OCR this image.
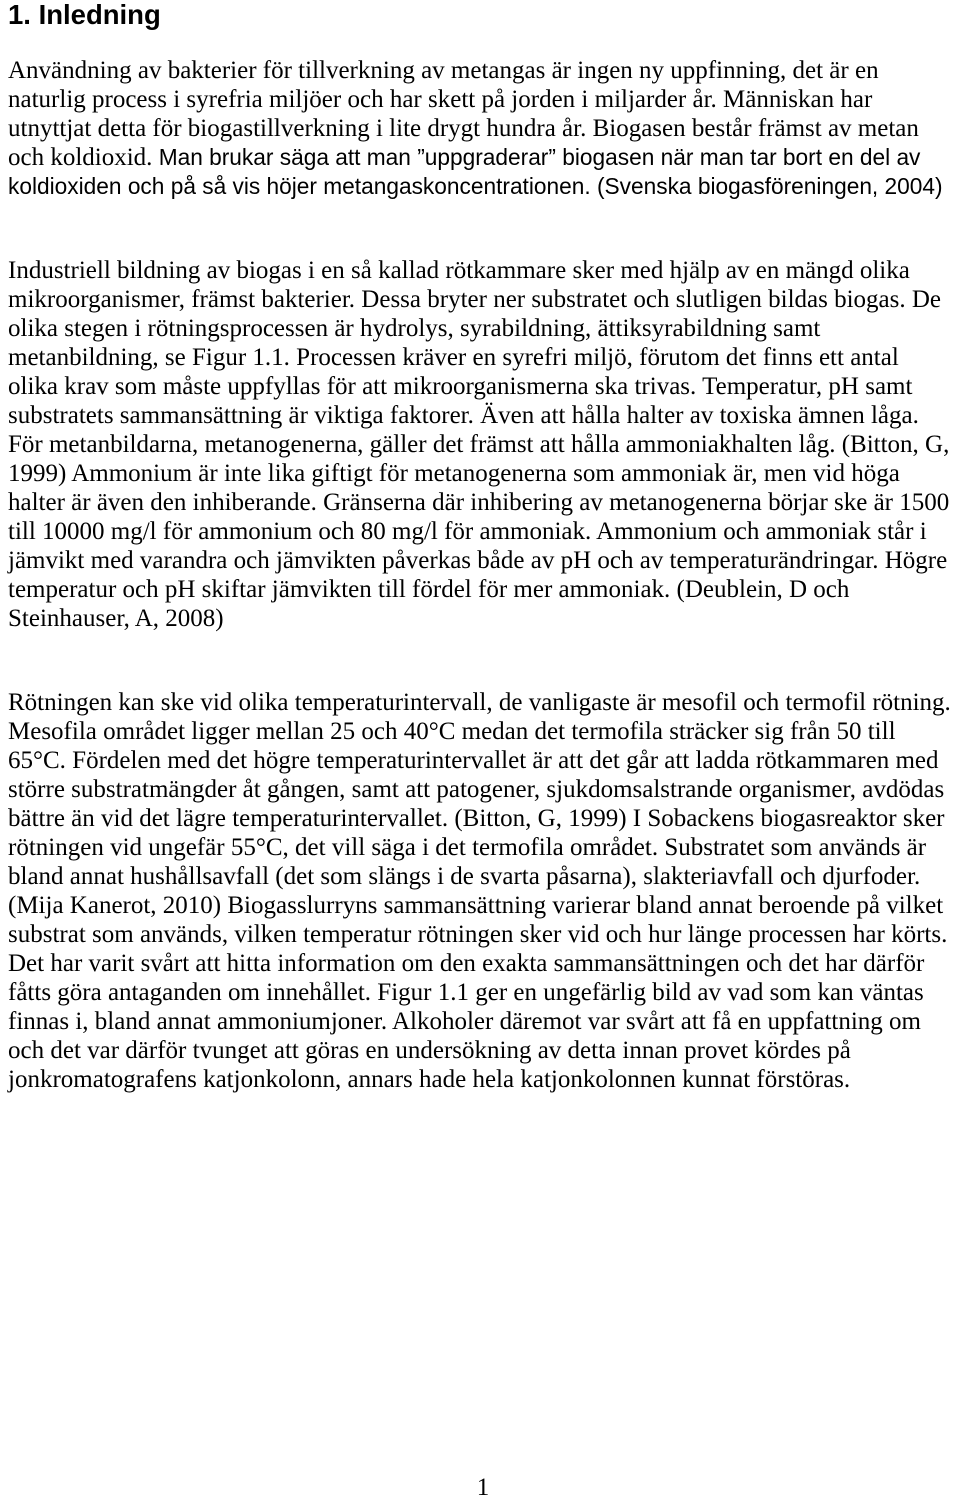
1. Inledning
Användning av bakterier för tillverkning av metangas är ingen ny uppfinning, det är en
naturlig process i syrefria miljöer och har skett på jorden i miljarder år. Människan har
utnyttjat detta för biogastillverkning i lite drygt hundra år. Biogasen består främst av metan
och koldioxid. Man brukar säga att man ”uppgraderar” biogasen när man tar bort en del av
koldioxiden och på så vis höjer metangaskoncentrationen. (Svenska biogasföreningen, 2004)
Industriell bildning av biogas i en så kallad rötkammare sker med hjälp av en mängd olika
mikroorganismer, främst bakterier. Dessa bryter ner substratet och slutligen bildas biogas. De
olika stegen i rötningsprocessen är hydrolys, syrabildning, ättiksyrabildning samt
metanbildning, se Figur 1.1. Processen kräver en syrefri miljö, förutom det finns ett antal
olika krav som måste uppfyllas för att mikroorganismerna ska trivas. Temperatur, pH samt
substratets sammansättning är viktiga faktorer. Även att hålla halter av toxiska ämnen låga.
För metanbildarna, metanogenerna, gäller det främst att hålla ammoniakhalten låg. (Bitton, G,
1999) Ammonium är inte lika giftigt för metanogenerna som ammoniak är, men vid höga
halter är även den inhiberande. Gränserna där inhibering av metanogenerna börjar ske är 1500
till 10000 mg/l för ammonium och 80 mg/l för ammoniak. Ammonium och ammoniak står i
jämvikt med varandra och jämvikten påverkas både av pH och av temperaturändringar. Högre
temperatur och pH skiftar jämvikten till fördel för mer ammoniak. (Deublein, D och
Steinhauser, A, 2008)
Rötningen kan ske vid olika temperaturintervall, de vanligaste är mesofil och termofil rötning.
Mesofila området ligger mellan 25 och 40°C medan det termofila sträcker sig från 50 till
65°C. Fördelen med det högre temperaturintervallet är att det går att ladda rötkammaren med
större substratmängder åt gången, samt att patogener, sjukdomsalstrande organismer, avdödas
bättre än vid det lägre temperaturintervallet. (Bitton, G, 1999) I Sobackens biogasreaktor sker
rötningen vid ungefär 55°C, det vill säga i det termofila området. Substratet som används är
bland annat hushållsavfall (det som slängs i de svarta påsarna), slakteriavfall och djurfoder.
(Mija Kanerot, 2010) Biogasslurryns sammansättning varierar bland annat beroende på vilket
substrat som används, vilken temperatur rötningen sker vid och hur länge processen har körts.
Det har varit svårt att hitta information om den exakta sammansättningen och det har därför
fåtts göra antaganden om innehållet. Figur 1.1 ger en ungefärlig bild av vad som kan väntas
finnas i, bland annat ammoniumjoner. Alkoholer däremot var svårt att få en uppfattning om
och det var därför tvunget att göras en undersökning av detta innan provet kördes på
jonkromatografens katjonkolonn, annars hade hela katjonkolonnen kunnat förstöras.
1
